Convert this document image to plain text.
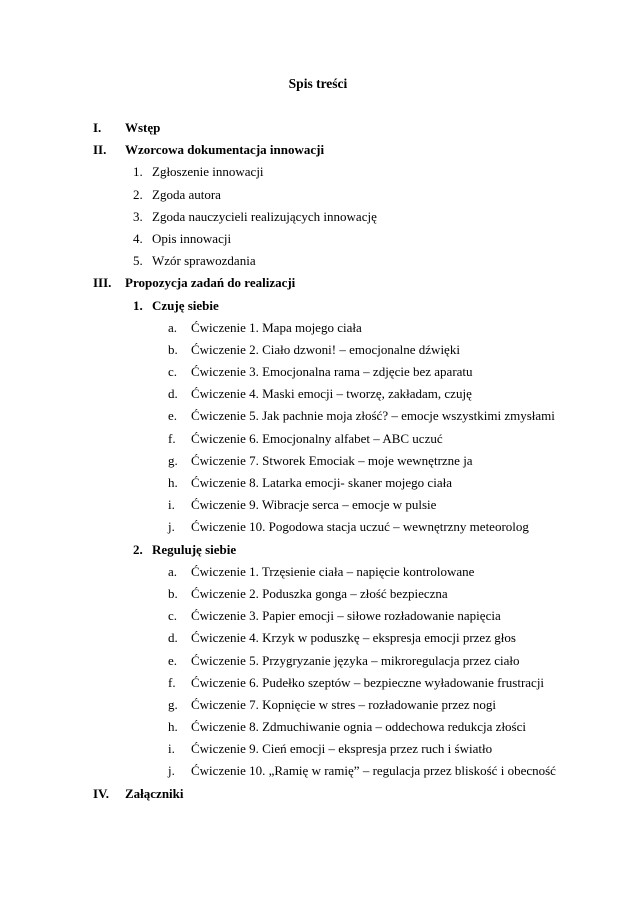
Spis treści
I. Wstęp
II. Wzorcowa dokumentacja innowacji
1. Zgłoszenie innowacji
2. Zgoda autora
3. Zgoda nauczycieli realizujących innowację
4. Opis innowacji
5. Wzór sprawozdania
III. Propozycja zadań do realizacji
1. Czuję siebie
a. Ćwiczenie 1. Mapa mojego ciała
b. Ćwiczenie 2. Ciało dzwoni! – emocjonalne dźwięki
c. Ćwiczenie 3. Emocjonalna rama – zdjęcie bez aparatu
d. Ćwiczenie 4. Maski emocji – tworzę, zakładam, czuję
e. Ćwiczenie 5. Jak pachnie moja złość? – emocje wszystkimi zmysłami
f. Ćwiczenie 6. Emocjonalny alfabet – ABC uczuć
g. Ćwiczenie 7. Stworek Emociak – moje wewnętrzne ja
h. Ćwiczenie 8. Latarka emocji- skaner mojego ciała
i. Ćwiczenie 9. Wibracje serca – emocje w pulsie
j. Ćwiczenie 10. Pogodowa stacja uczuć – wewnętrzny meteorolog
2. Reguluję siebie
a. Ćwiczenie 1. Trzęsienie ciała – napięcie kontrolowane
b. Ćwiczenie 2. Poduszka gonga – złość bezpieczna
c. Ćwiczenie 3. Papier emocji – siłowe rozładowanie napięcia
d. Ćwiczenie 4. Krzyk w poduszkę – ekspresja emocji przez głos
e. Ćwiczenie 5. Przygryzanie języka – mikroregulacja przez ciało
f. Ćwiczenie 6. Pudełko szeptów – bezpieczne wyładowanie frustracji
g. Ćwiczenie 7. Kopnięcie w stres – rozładowanie przez nogi
h. Ćwiczenie 8. Zdmuchiwanie ognia – oddechowa redukcja złości
i. Ćwiczenie 9. Cień emocji – ekspresja przez ruch i światło
j. Ćwiczenie 10. „Ramię w ramię” – regulacja przez bliskość i obecność
IV. Załączniki
